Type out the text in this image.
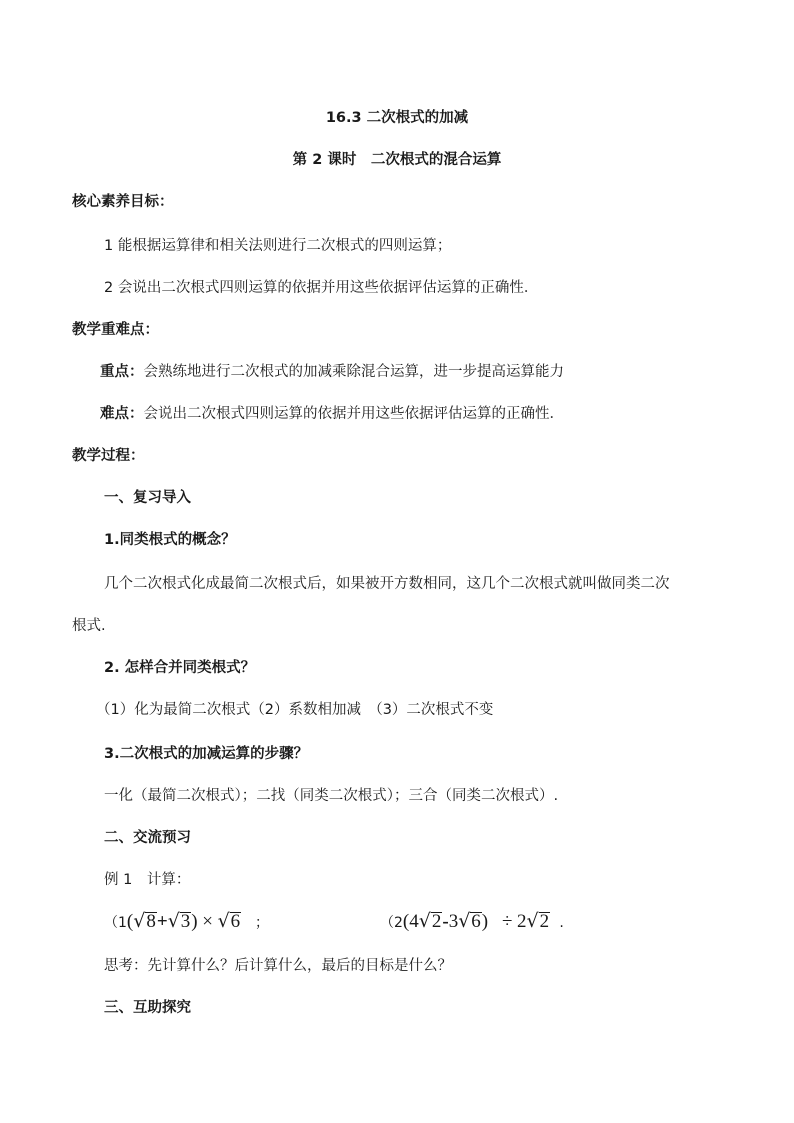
16.3 二次根式的加减
第 2 课时　二次根式的混合运算
核心素养目标：
1 能根据运算律和相关法则进行二次根式的四则运算；
2 会说出二次根式四则运算的依据并用这些依据评估运算的正确性．
教学重难点：
重点：会熟练地进行二次根式的加减乘除混合运算，进一步提高运算能力
难点：会说出二次根式四则运算的依据并用这些依据评估运算的正确性．
教学过程：
一、复习导入
1.同类根式的概念？
几个二次根式化成最简二次根式后，如果被开方数相同，这几个二次根式就叫做同类二次
根式.
2. 怎样合并同类根式？
（1）化为最简二次根式（2）系数相加减　（3）二次根式不变
3.二次根式的加减运算的步骤？
一化（最简二次根式）；二找（同类二次根式）；三合（同类二次根式）.
二、交流预习
例 1　计算：
（1(√8+√3) × √6 ；	（2(4√2-3√6) ÷ 2√2 .
思考：先计算什么？后计算什么，最后的目标是什么？
三、互助探究
